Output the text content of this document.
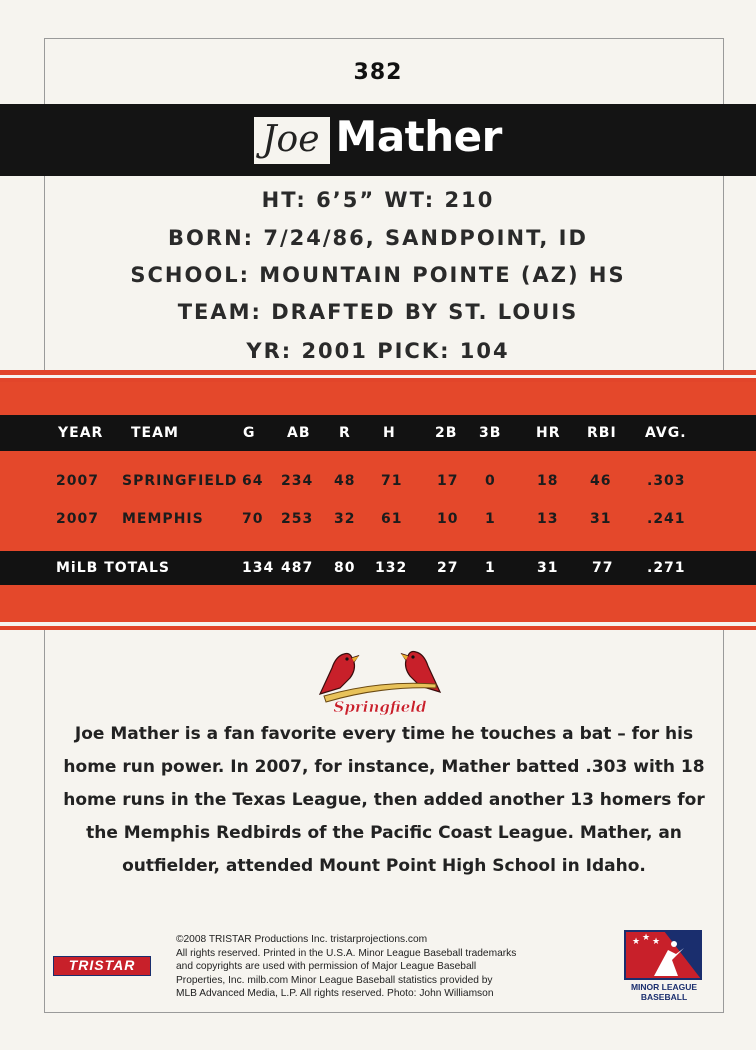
382
Joe Mather
HT: 6’5” WT: 210
BORN: 7/24/86, SANDPOINT, ID
SCHOOL: MOUNTAIN POINTE (AZ) HS
TEAM: DRAFTED BY ST. LOUIS
YR: 2001 PICK: 104
YEAR TEAM	G AB R H	2B 3B HR RBI AVG.
2007 SPRINGFIELD 64 234 48 71 17 0	18 46	.303
2007 MEMPHIS	70 253 32 61 10 1	13 31	.241
MiLB TOTALS	134 487 80 132 27 1	31 77 .271
Springfield
Joe Mather is a fan favorite every time he touches a bat – for his home run power. In 2007, for instance, Mather batted .303 with 18 home runs in the Texas League, then added another 13 homers for the Memphis Redbirds of the Pacific Coast League. Mather, an outfielder, attended Mount Point High School in Idaho.
©2008 TRISTAR Productions Inc. tristarprojections.com
All rights reserved. Printed in the U.S.A. Minor League Baseball trademarks
and copyrights are used with permission of Major League Baseball
Properties, Inc. milb.com Minor League Baseball statistics provided by
MLB Advanced Media, L.P. All rights reserved. Photo: John Williamson
TRISTAR
★ ★ ★
MINOR LEAGUE
BASEBALL
